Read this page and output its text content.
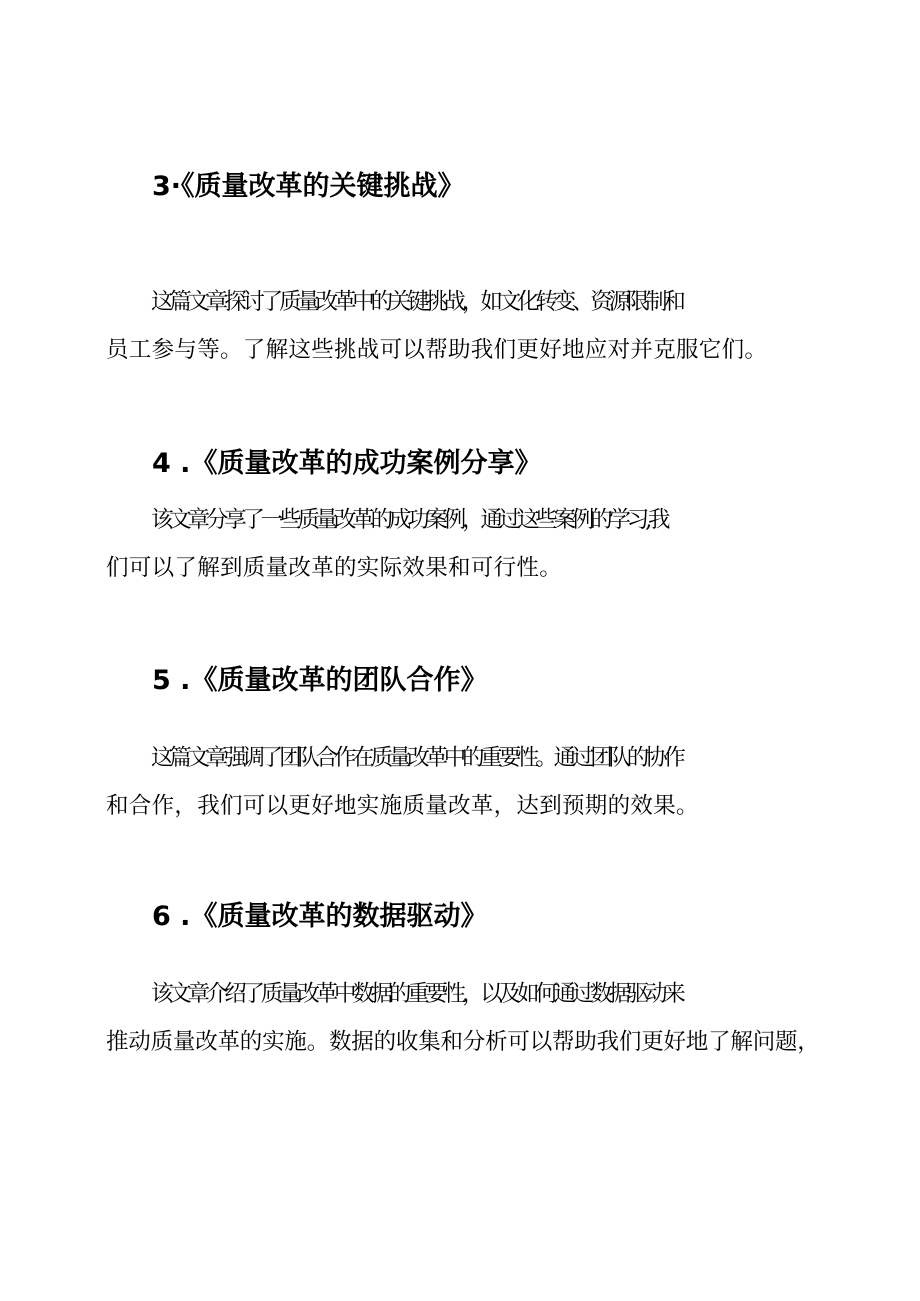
3·《质量改革的关键挑战》

这篇文章探讨了质量改革中的关键挑战，如文化转变、资源限制和
员工参与等。了解这些挑战可以帮助我们更好地应对并克服它们。

4 .《质量改革的成功案例分享》

该文章分享了一些质量改革的成功案例，通过这些案例的学习,我
们可以了解到质量改革的实际效果和可行性。

5 .《质量改革的团队合作》

这篇文章强调了团队合作在质量改革中的重要性。通过团队的协作
和合作，我们可以更好地实施质量改革，达到预期的效果。

6 .《质量改革的数据驱动》

该文章介绍了质量改革中数据的重要性，以及如何通过数据驱动来
推动质量改革的实施。数据的收集和分析可以帮助我们更好地了解问题，
